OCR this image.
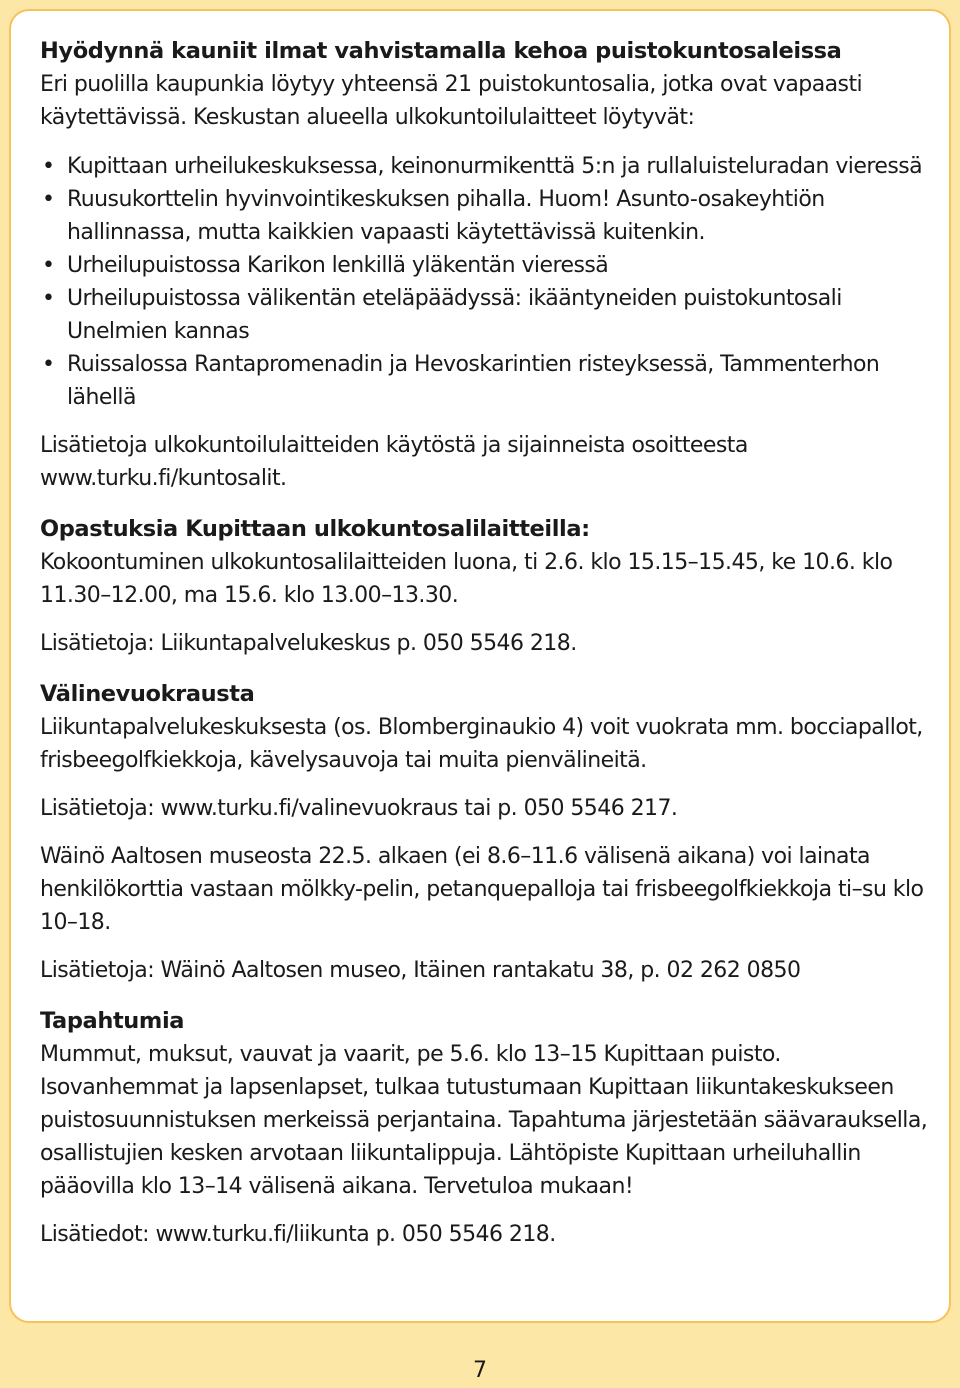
Hyödynnä kauniit ilmat vahvistamalla kehoa puistokuntosaleissa

Eri puolilla kaupunkia löytyy yhteensä 21 puistokuntosalia, jotka ovat vapaasti käytettävissä. Keskustan alueella ulkokuntoilulaitteet löytyvät:

• Kupittaan urheilukeskuksessa, keinonurmikenttä 5:n ja rullaluisteluradan vieressä
• Ruusukorttelin hyvinvointikeskuksen pihalla. Huom! Asunto-osakeyhtiön hallinnassa, mutta kaikkien vapaasti käytettävissä kuitenkin.
• Urheilupuistossa Karikon lenkillä yläkentän vieressä
• Urheilupuistossa välikentän eteläpäädyssä: ikääntyneiden puistokuntosali Unelmien kannas
• Ruissalossa Rantapromenadin ja Hevoskarintien risteyksessä, Tammenterhon lähellä

Lisätietoja ulkokuntoilulaitteiden käytöstä ja sijainneista osoitteesta www.turku.fi/kuntosalit.

Opastuksia Kupittaan ulkokuntosalilaitteilla:

Kokoontuminen ulkokuntosalilaitteiden luona, ti 2.6. klo 15.15–15.45, ke 10.6. klo 11.30–12.00, ma 15.6. klo 13.00–13.30.

Lisätietoja: Liikuntapalvelukeskus p. 050 5546 218.

Välinevuokrausta

Liikuntapalvelukeskuksesta (os. Blomberginaukio 4) voit vuokrata mm. bocciapallot, frisbeegolfkiekkoja, kävelysauvoja tai muita pienvälineitä.

Lisätietoja: www.turku.fi/valinevuokraus tai p. 050 5546 217.

Wäinö Aaltosen museosta 22.5. alkaen (ei 8.6–11.6 välisenä aikana) voi lainata henkilökorttia vastaan mölkky-pelin, petanquepalloja tai frisbeegolfkiekkoja ti–su klo 10–18.

Lisätietoja: Wäinö Aaltosen museo, Itäinen rantakatu 38, p. 02 262 0850

Tapahtumia

Mummut, muksut, vauvat ja vaarit, pe 5.6. klo 13–15 Kupittaan puisto. Isovanhemmat ja lapsenlapset, tulkaa tutustumaan Kupittaan liikuntakeskukseen puistosuunnistuksen merkeissä perjantaina. Tapahtuma järjestetään säävarauksella, osallistujien kesken arvotaan liikuntalippuja. Lähtöpiste Kupittaan urheiluhallin pääovilla klo 13–14 välisenä aikana. Tervetuloa mukaan!

Lisätiedot: www.turku.fi/liikunta p. 050 5546 218.

7
